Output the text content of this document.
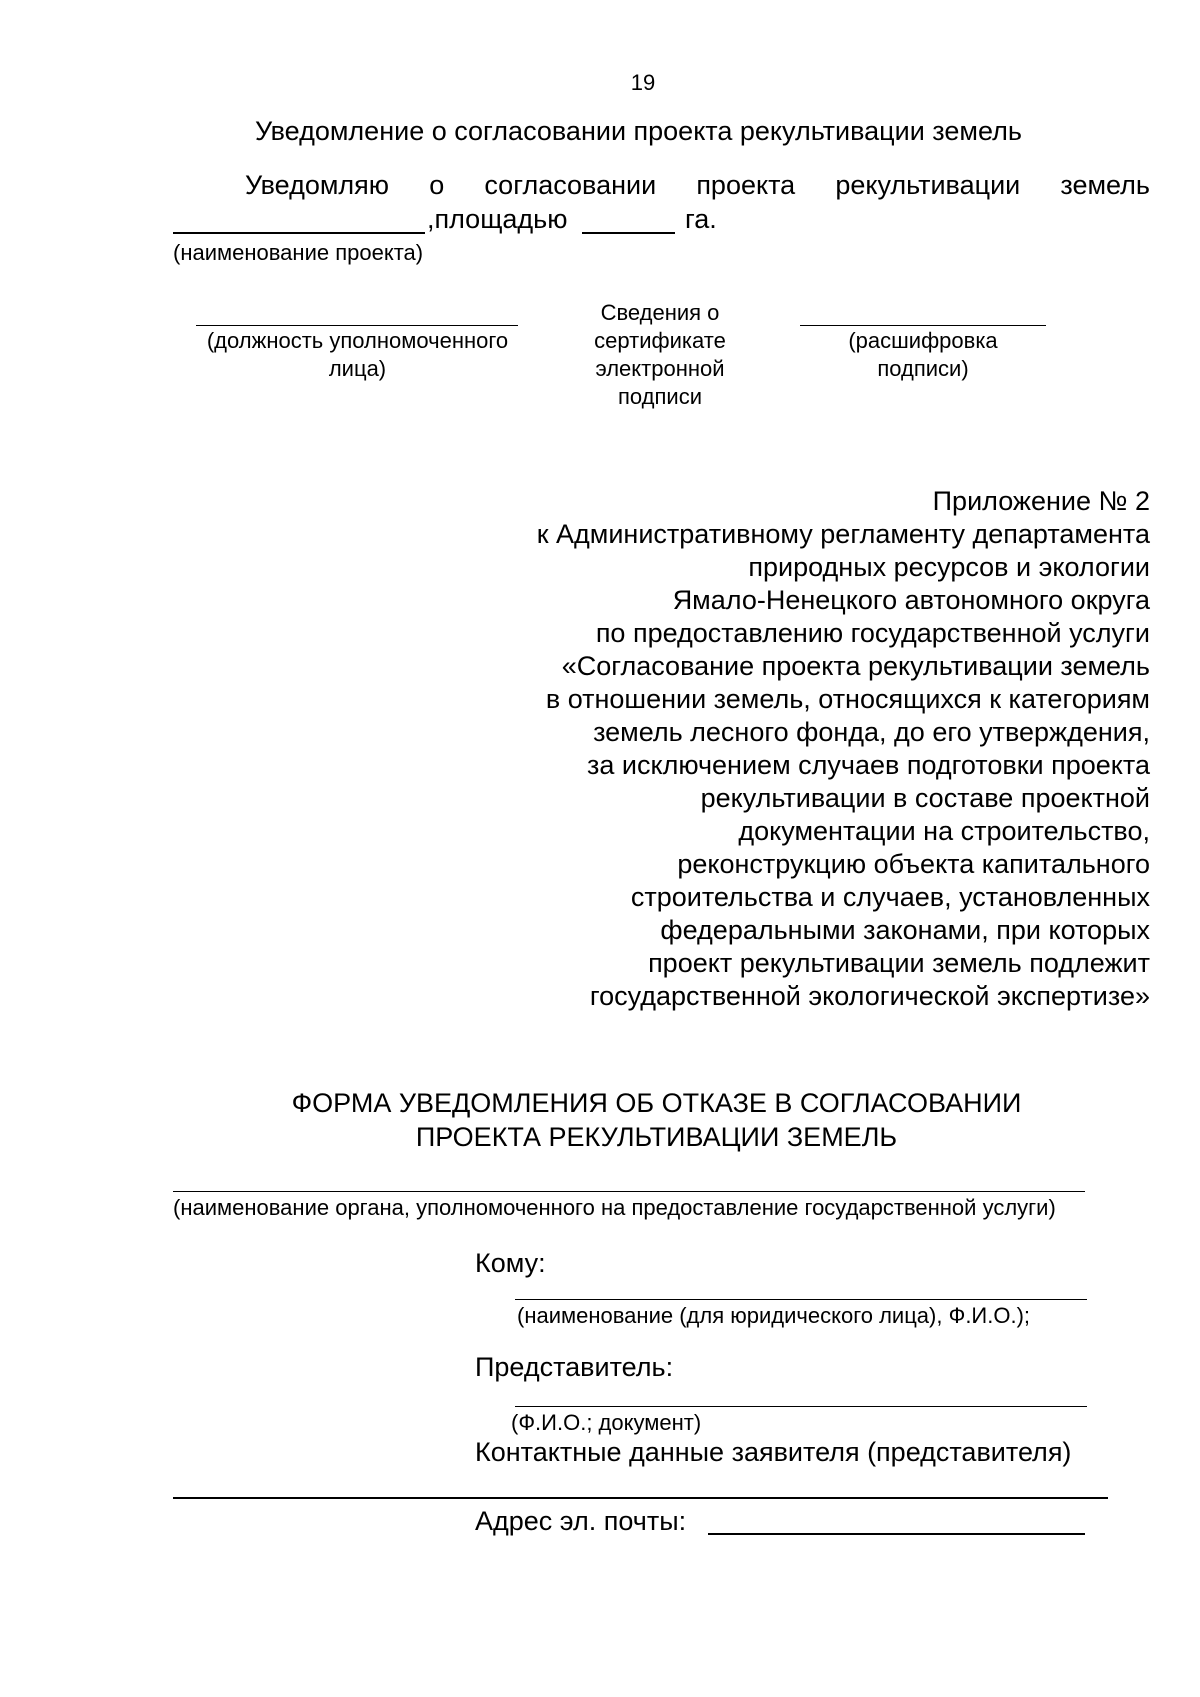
19
Уведомление о согласовании проекта рекультивации земель
Уведомляю о согласовании проекта рекультивации земель
,площадью	га.
(наименование проекта)
(должность уполномоченного
лица)
Сведения о
сертификате
электронной
подписи
(расшифровка
подписи)
Приложение № 2
к Административному регламенту департамента
природных ресурсов и экологии
Ямало-Ненецкого автономного округа
по предоставлению государственной услуги
«Согласование проекта рекультивации земель
в отношении земель, относящихся к категориям
земель лесного фонда, до его утверждения,
за исключением случаев подготовки проекта
рекультивации в составе проектной
документации на строительство,
реконструкцию объекта капитального
строительства и случаев, установленных
федеральными законами, при которых
проект рекультивации земель подлежит
государственной экологической экспертизе»
ФОРМА УВЕДОМЛЕНИЯ ОБ ОТКАЗЕ В СОГЛАСОВАНИИ
ПРОЕКТА РЕКУЛЬТИВАЦИИ ЗЕМЕЛЬ
(наименование органа, уполномоченного на предоставление государственной услуги)
Кому:
(наименование (для юридического лица), Ф.И.О.);
Представитель:
(Ф.И.О.; документ)
Контактные данные заявителя (представителя)
Адрес эл. почты:
